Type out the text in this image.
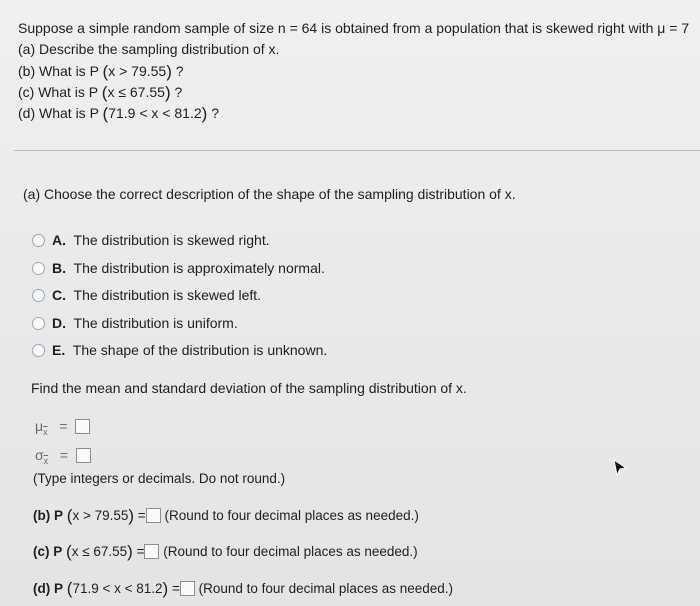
Suppose a simple random sample of size n = 64 is obtained from a population that is skewed right with μ = 7
(a) Describe the sampling distribution of x.
(b) What is P (x > 79.55) ?
(c) What is P (x ≤ 67.55) ?
(d) What is P (71.9 < x < 81.2) ?
(a) Choose the correct description of the shape of the sampling distribution of x.
A. The distribution is skewed right.
B. The distribution is approximately normal.
C. The distribution is skewed left.
D. The distribution is uniform.
E. The shape of the distribution is unknown.
Find the mean and standard deviation of the sampling distribution of x.
$\mu_{\overline{x}}$ =
$\sigma_{\overline{x}}$ =
(Type integers or decimals. Do not round.)
(b) P (x > 79.55) = (Round to four decimal places as needed.)
(c) P (x ≤ 67.55) = (Round to four decimal places as needed.)
(d) P (71.9 < x < 81.2) = (Round to four decimal places as needed.)
